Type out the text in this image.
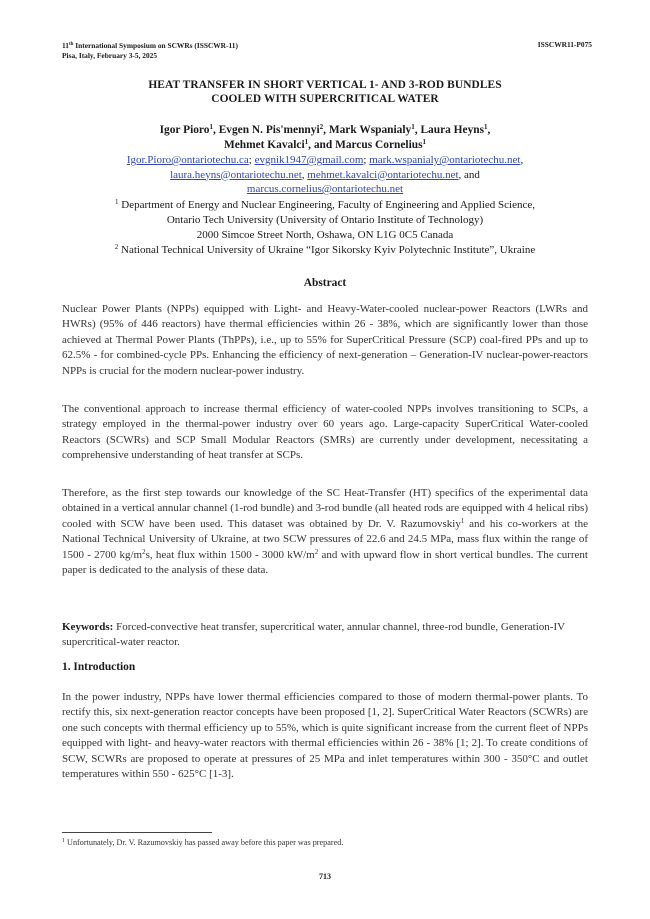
11th International Symposium on SCWRs (ISSCWR-11)
Pisa, Italy, February 3-5, 2025
ISSCWR11-P075
HEAT TRANSFER IN SHORT VERTICAL 1- AND 3-ROD BUNDLES
COOLED WITH SUPERCRITICAL WATER
Igor Pioro$^1$, Evgen N. Pis'mennyi$^2$, Mark Wspanialy$^1$, Laura Heyns$^1$,
Mehmet Kavalci$^1$, and Marcus Cornelius$^1$
Igor.Pioro@ontariotechu.ca; evgnik1947@gmail.com; mark.wspanialy@ontariotechu.net,
laura.heyns@ontariotechu.net, mehmet.kavalci@ontariotechu.net, and
marcus.cornelius@ontariotechu.net
$^1$ Department of Energy and Nuclear Engineering, Faculty of Engineering and Applied Science,
Ontario Tech University (University of Ontario Institute of Technology)
2000 Simcoe Street North, Oshawa, ON L1G 0C5 Canada
$^2$ National Technical University of Ukraine “Igor Sikorsky Kyiv Polytechnic Institute”, Ukraine
Abstract
Nuclear Power Plants (NPPs) equipped with Light- and Heavy-Water-cooled nuclear-power Reactors (LWRs and HWRs) (95% of 446 reactors) have thermal efficiencies within 26 - 38%, which are significantly lower than those achieved at Thermal Power Plants (ThPPs), i.e., up to 55% for SuperCritical Pressure (SCP) coal-fired PPs and up to 62.5% - for combined-cycle PPs. Enhancing the efficiency of next-generation – Generation-IV nuclear-power-reactors NPPs is crucial for the modern nuclear-power industry.
The conventional approach to increase thermal efficiency of water-cooled NPPs involves transitioning to SCPs, a strategy employed in the thermal-power industry over 60 years ago. Large-capacity SuperCritical Water-cooled Reactors (SCWRs) and SCP Small Modular Reactors (SMRs) are currently under development, necessitating a comprehensive understanding of heat transfer at SCPs.
Therefore, as the first step towards our knowledge of the SC Heat-Transfer (HT) specifics of the experimental data obtained in a vertical annular channel (1-rod bundle) and 3-rod bundle (all heated rods are equipped with 4 helical ribs) cooled with SCW have been used. This dataset was obtained by Dr. V. Razumovskiy$^1$ and his co-workers at the National Technical University of Ukraine, at two SCW pressures of 22.6 and 24.5 MPa, mass flux within the range of 1500 - 2700 $kg/m^2s$, heat flux within 1500 - 3000 $kW/m^2$ and with upward flow in short vertical bundles. The current paper is dedicated to the analysis of these data.
Keywords: Forced-convective heat transfer, supercritical water, annular channel, three-rod bundle, Generation-IV supercritical-water reactor.
1. Introduction
In the power industry, NPPs have lower thermal efficiencies compared to those of modern thermal-power plants. To rectify this, six next-generation reactor concepts have been proposed [1, 2]. SuperCritical Water Reactors (SCWRs) are one such concepts with thermal efficiency up to 55%, which is quite significant increase from the current fleet of NPPs equipped with light- and heavy-water reactors with thermal efficiencies within 26 - 38% [1; 2]. To create conditions of SCW, SCWRs are proposed to operate at pressures of 25 MPa and inlet temperatures within 300 - 350°C and outlet temperatures within 550 - 625°C [1-3].
$^1$ Unfortunately, Dr. V. Razumovskiy has passed away before this paper was prepared.
713
